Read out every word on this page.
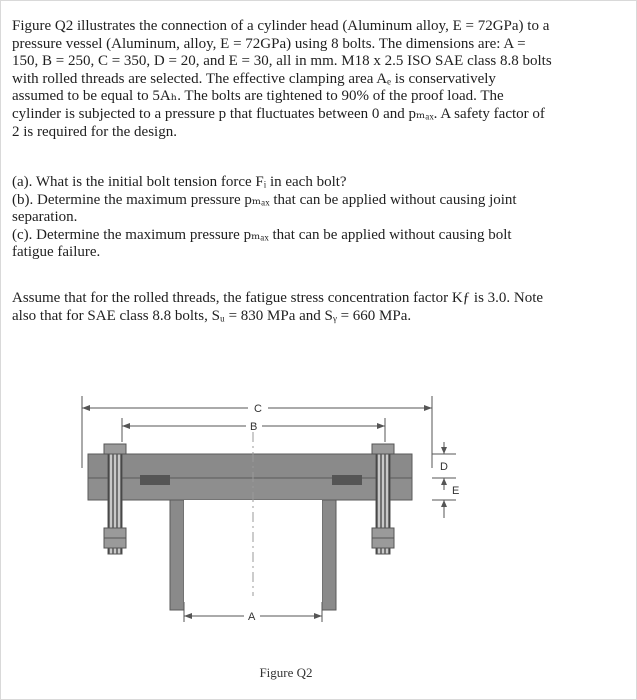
Figure Q2 illustrates the connection of a cylinder head (Aluminum alloy, E = 72GPa) to a

pressure vessel (Aluminum, alloy, E = 72GPa) using 8 bolts. The dimensions are: A =

150, B = 250, C = 350, D = 20, and E = 30, all in mm. M18 x 2.5 ISO SAE class 8.8 bolts

with rolled threads are selected. The effective clamping area Aₑ is conservatively

assumed to be equal to 5Aₕ. The bolts are tightened to 90% of the proof load. The

cylinder is subjected to a pressure p that fluctuates between 0 and pₘₐₓ. A safety factor of

2 is required for the design.

(a). What is the initial bolt tension force Fᵢ in each bolt?

(b). Determine the maximum pressure pₘₐₓ that can be applied without causing joint

separation.

(c). Determine the maximum pressure pₘₐₓ that can be applied without causing bolt

fatigue failure.

Assume that for the rolled threads, the fatigue stress concentration factor Kƒ is 3.0. Note

also that for SAE class 8.8 bolts, Sᵤ = 830 MPa and Sᵧ = 660 MPa.

C
B
D
E
A
Figure Q2
